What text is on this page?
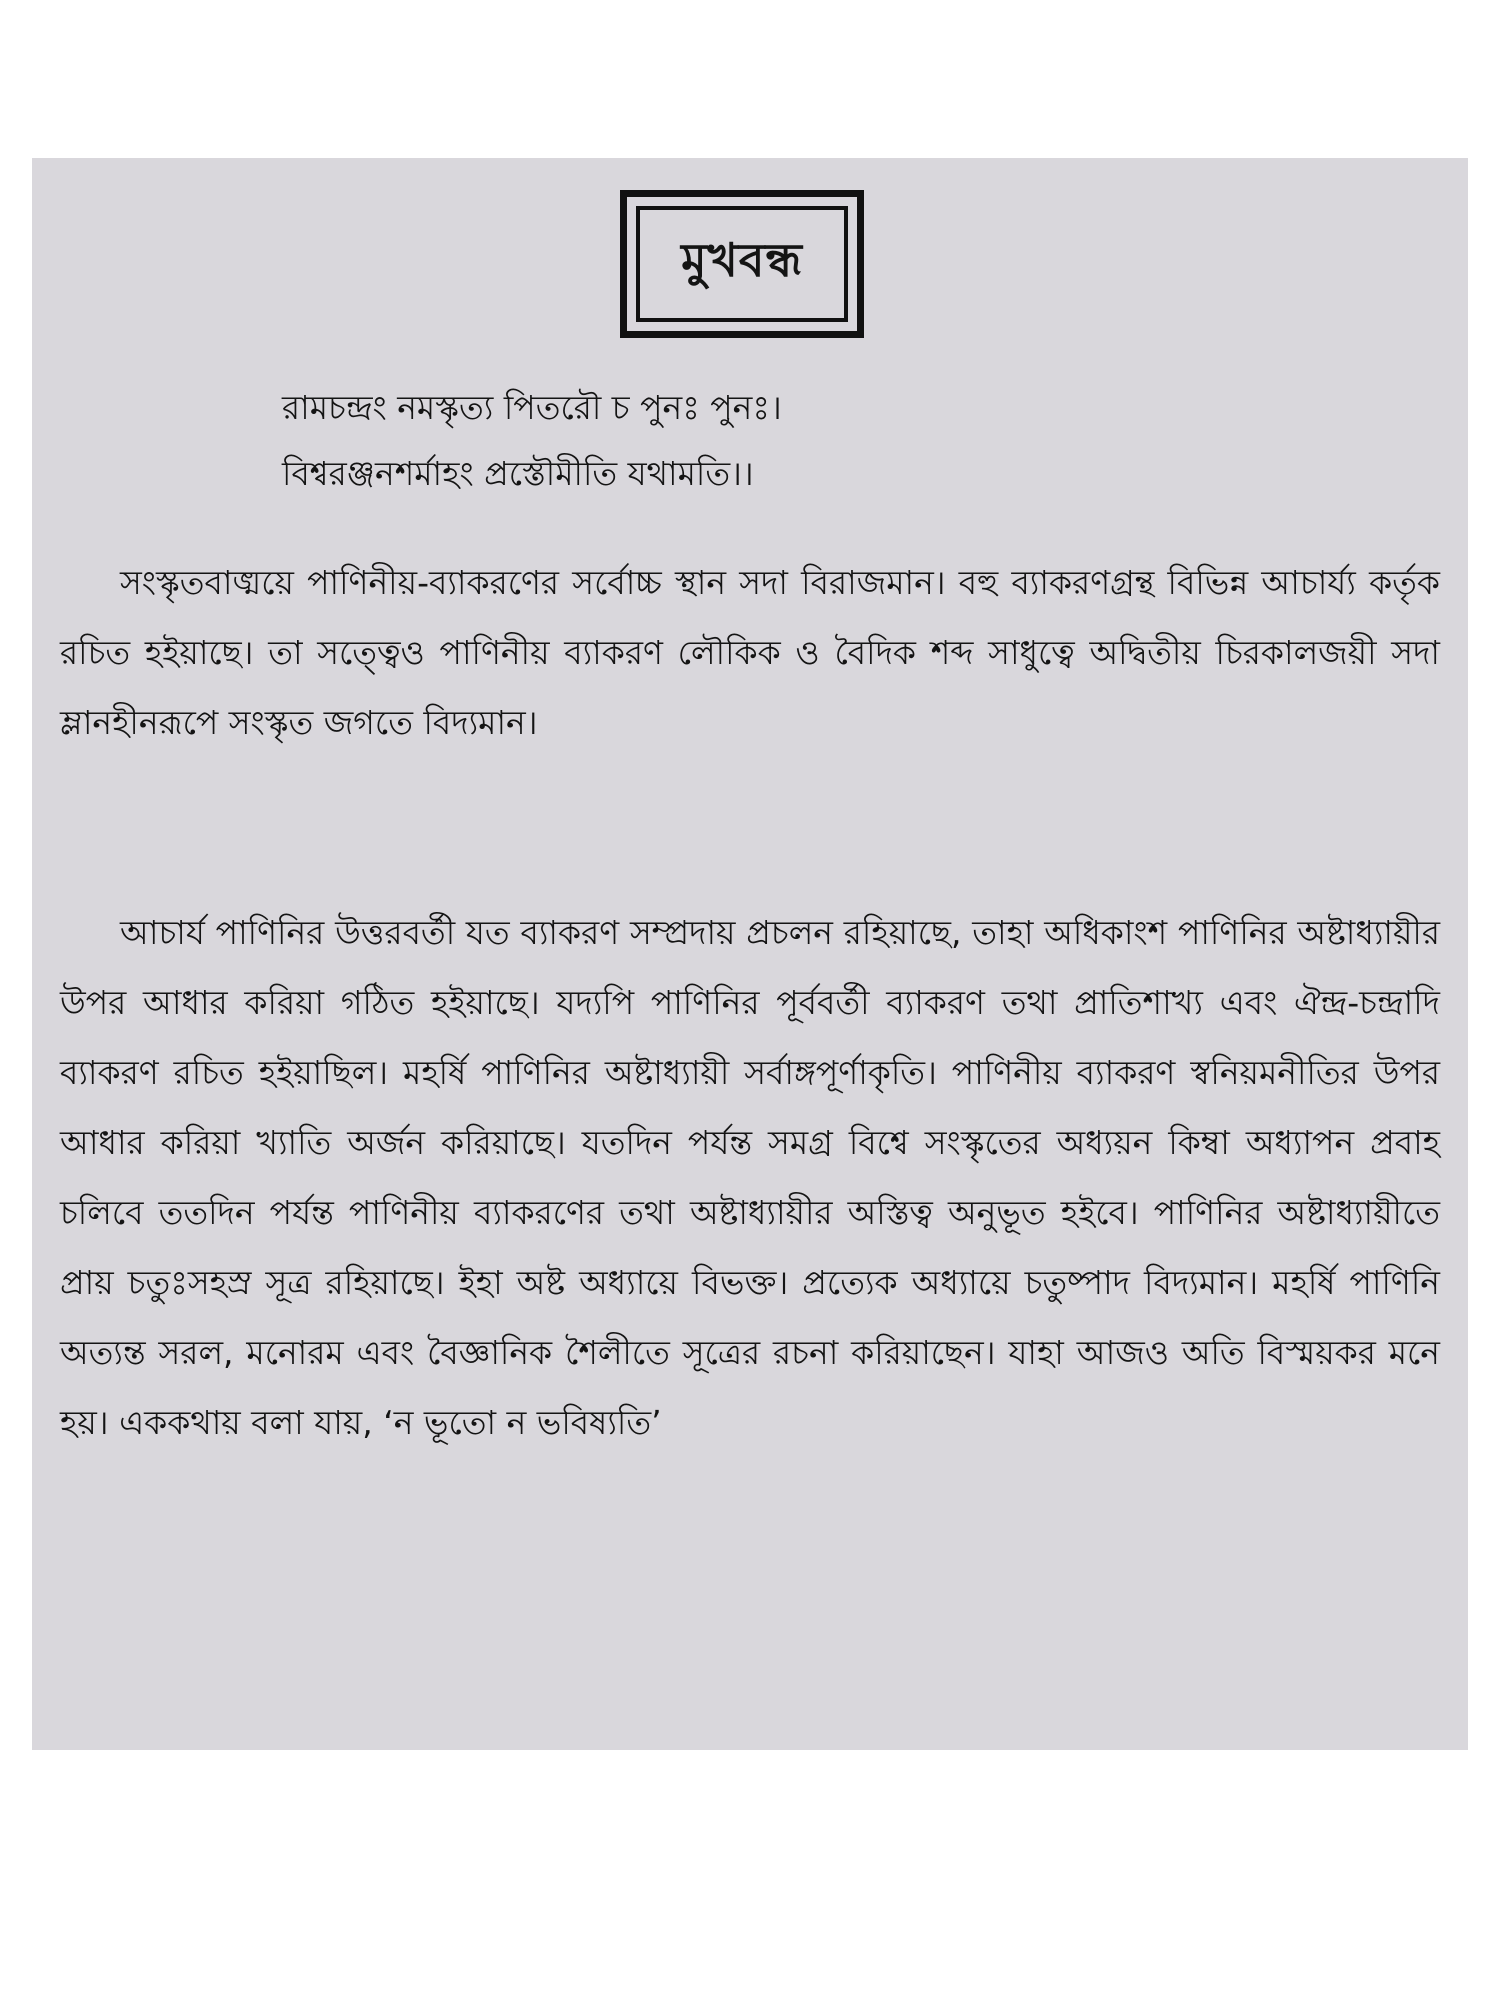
মুখবন্ধ
রামচন্দ্রং নমস্কৃত্য পিতরৌ চ পুনঃ পুনঃ।
বিশ্বরঞ্জনশর্মাহং প্রস্তৌমীতি যথামতি।।

সংস্কৃতবাঙ্ময়ে পাণিনীয়-ব্যাকরণের সর্বোচ্চ স্থান সদা বিরাজমান। বহু ব্যাকরণগ্রন্থ বিভিন্ন আচার্য্য কর্তৃক রচিত হইয়াছে। তা সত্ত্বেও পাণিনীয় ব্যাকরণ লৌকিক ও বৈদিক শব্দ সাধুত্বে অদ্বিতীয় চিরকালজয়ী সদা ম্লানহীনরূপে সংস্কৃত জগতে বিদ্যমান।

আচার্য পাণিনির উত্তরবর্তী যত ব্যাকরণ সম্প্রদায় প্রচলন রহিয়াছে, তাহা অধিকাংশ পাণিনির অষ্টাধ্যায়ীর উপর আধার করিয়া গঠিত হইয়াছে। যদ্যপি পাণিনির পূর্ববর্তী ব্যাকরণ তথা প্রাতিশাখ্য এবং ঐন্দ্র-চন্দ্রাদি ব্যাকরণ রচিত হইয়াছিল। মহর্ষি পাণিনির অষ্টাধ্যায়ী সর্বাঙ্গপূর্ণাকৃতি। পাণিনীয় ব্যাকরণ স্বনিয়মনীতির উপর আধার করিয়া খ্যাতি অর্জন করিয়াছে। যতদিন পর্যন্ত সমগ্র বিশ্বে সংস্কৃতের অধ্যয়ন কিম্বা অধ্যাপন প্রবাহ চলিবে ততদিন পর্যন্ত পাণিনীয় ব্যাকরণের তথা অষ্টাধ্যায়ীর অস্তিত্ব অনুভূত হইবে। পাণিনির অষ্টাধ্যায়ীতে প্রায় চতুঃসহস্র সূত্র রহিয়াছে। ইহা অষ্ট অধ্যায়ে বিভক্ত। প্রত্যেক অধ্যায়ে চতুষ্পাদ বিদ্যমান। মহর্ষি পাণিনি অত্যন্ত সরল, মনোরম এবং বৈজ্ঞানিক শৈলীতে সূত্রের রচনা করিয়াছেন। যাহা আজও অতি বিস্ময়কর মনে হয়। এককথায় বলা যায়, ‘ন ভূতো ন ভবিষ্যতি’
